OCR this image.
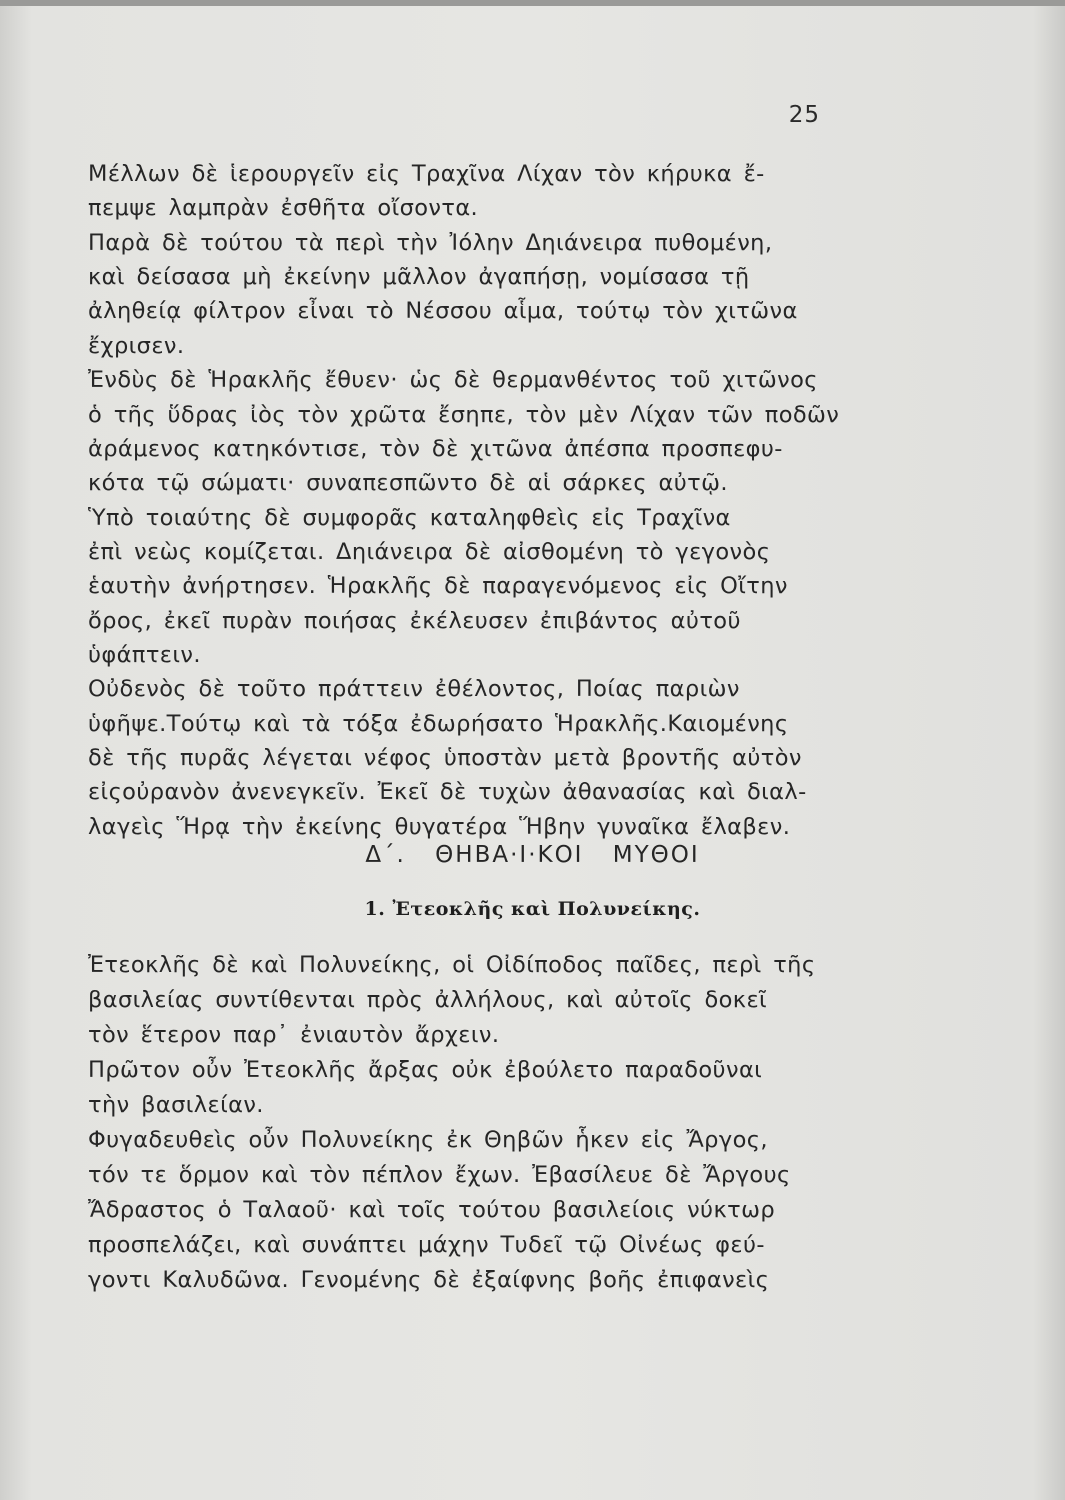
25
Μέλλων δὲ ἱερουργεῖν εἰς Τραχῖνα Λίχαν τὸν κήρυκα ἔ-
πεμψε λαμπρὰν ἐσθῆτα οἴσοντα.
Παρὰ δὲ τούτου τὰ περὶ τὴν Ἰόλην Δηιάνειρα πυθομένη,
καὶ δείσασα μὴ ἐκείνην μᾶλλον ἀγαπήσῃ, νομίσασα τῇ
ἀληθείᾳ φίλτρον εἶναι τὸ Νέσσου αἷμα, τούτῳ τὸν χιτῶνα
ἔχρισεν.
Ἐνδὺς δὲ Ἡρακλῆς ἔθυεν· ὡς δὲ θερμανθέντος τοῦ χιτῶνος
ὁ τῆς ὕδρας ἰὸς τὸν χρῶτα ἔσηπε, τὸν μὲν Λίχαν τῶν ποδῶν
ἀράμενος κατηκόντισε, τὸν δὲ χιτῶνα ἀπέσπα προσπεφυ-
κότα τῷ σώματι· συναπεσπῶντο δὲ αἱ σάρκες αὐτῷ.
Ὑπὸ τοιαύτης δὲ συμφορᾶς καταληφθεὶς εἰς Τραχῖνα
ἐπὶ νεὼς κομίζεται. Δηιάνειρα δὲ αἰσθομένη τὸ γεγονὸς
ἑαυτὴν ἀνήρτησεν. Ἡρακλῆς δὲ παραγενόμενος εἰς Οἴτην
ὄρος, ἐκεῖ πυρὰν ποιήσας ἐκέλευσεν ἐπιβάντος αὐτοῦ
ὑφάπτειν.
Οὐδενὸς δὲ τοῦτο πράττειν ἐθέλοντος, Ποίας παριὼν
ὑφῆψε.Τούτῳ καὶ τὰ τόξα ἐδωρήσατο Ἡρακλῆς.Καιομένης
δὲ τῆς πυρᾶς λέγεται νέφος ὑποστὰν μετὰ βροντῆς αὐτὸν
εἰςοὐρανὸν ἀνενεγκεῖν. Ἐκεῖ δὲ τυχὼν ἀθανασίας καὶ διαλ-
λαγεὶς Ἥρᾳ τὴν ἐκείνης θυγατέρα Ἥβην γυναῖκα ἔλαβεν.
Δ΄. ΘΗΒΑ·Ι·ΚΟΙ ΜΥΘΟΙ
1. Ἐτεοκλῆς καὶ Πολυνείκης.
Ἐτεοκλῆς δὲ καὶ Πολυνείκης, οἱ Οἰδίποδος παῖδες, περὶ τῆς
βασιλείας συντίθενται πρὸς ἀλλήλους, καὶ αὐτοῖς δοκεῖ
τὸν ἕτερον παρ᾽ ἐνιαυτὸν ἄρχειν.
Πρῶτον οὖν Ἐτεοκλῆς ἄρξας οὐκ ἐβούλετο παραδοῦναι
τὴν βασιλείαν.
Φυγαδευθεὶς οὖν Πολυνείκης ἐκ Θηβῶν ἧκεν εἰς Ἄργος,
τόν τε ὅρμον καὶ τὸν πέπλον ἔχων. Ἐβασίλευε δὲ Ἄργους
Ἄδραστος ὁ Ταλαοῦ· καὶ τοῖς τούτου βασιλείοις νύκτωρ
προσπελάζει, καὶ συνάπτει μάχην Τυδεῖ τῷ Οἰνέως φεύ-
γοντι Καλυδῶνα. Γενομένης δὲ ἐξαίφνης βοῆς ἐπιφανεὶς
